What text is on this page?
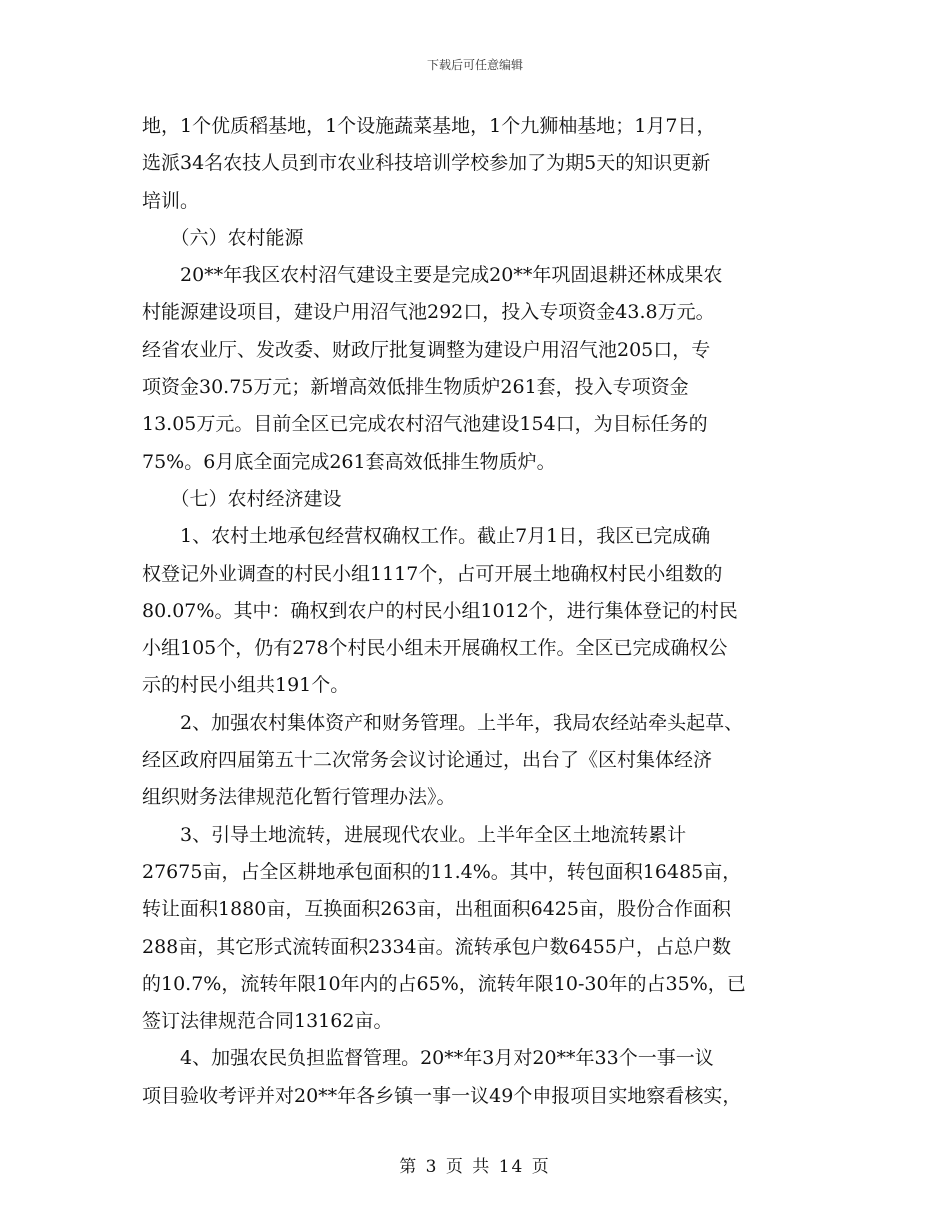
下载后可任意编辑
地，1个优质稻基地，1个设施蔬菜基地，1个九狮柚基地；1月7日，
选派34名农技人员到市农业科技培训学校参加了为期5天的知识更新
培训。
　　（六）农村能源
　　20**年我区农村沼气建设主要是完成20**年巩固退耕还林成果农
村能源建设项目，建设户用沼气池292口，投入专项资金43.8万元。
经省农业厅、发改委、财政厅批复调整为建设户用沼气池205口，专
项资金30.75万元；新增高效低排生物质炉261套，投入专项资金
13.05万元。目前全区已完成农村沼气池建设154口，为目标任务的
75%。6月底全面完成261套高效低排生物质炉。
　　（七）农村经济建设
　　1、农村土地承包经营权确权工作。截止7月1日，我区已完成确
权登记外业调查的村民小组1117个，占可开展土地确权村民小组数的
80.07%。其中：确权到农户的村民小组1012个，进行集体登记的村民
小组105个，仍有278个村民小组未开展确权工作。全区已完成确权公
示的村民小组共191个。
　　2、加强农村集体资产和财务管理。上半年，我局农经站牵头起草、
经区政府四届第五十二次常务会议讨论通过，出台了《区村集体经济
组织财务法律规范化暂行管理办法》。
　　3、引导土地流转，进展现代农业。上半年全区土地流转累计
27675亩，占全区耕地承包面积的11.4%。其中，转包面积16485亩，
转让面积1880亩，互换面积263亩，出租面积6425亩，股份合作面积
288亩，其它形式流转面积2334亩。流转承包户数6455户，占总户数
的10.7%，流转年限10年内的占65%，流转年限10-30年的占35%，已
签订法律规范合同13162亩。
　　4、加强农民负担监督管理。20**年3月对20**年33个一事一议
项目验收考评并对20**年各乡镇一事一议49个申报项目实地察看核实，
第 3 页 共 14 页
